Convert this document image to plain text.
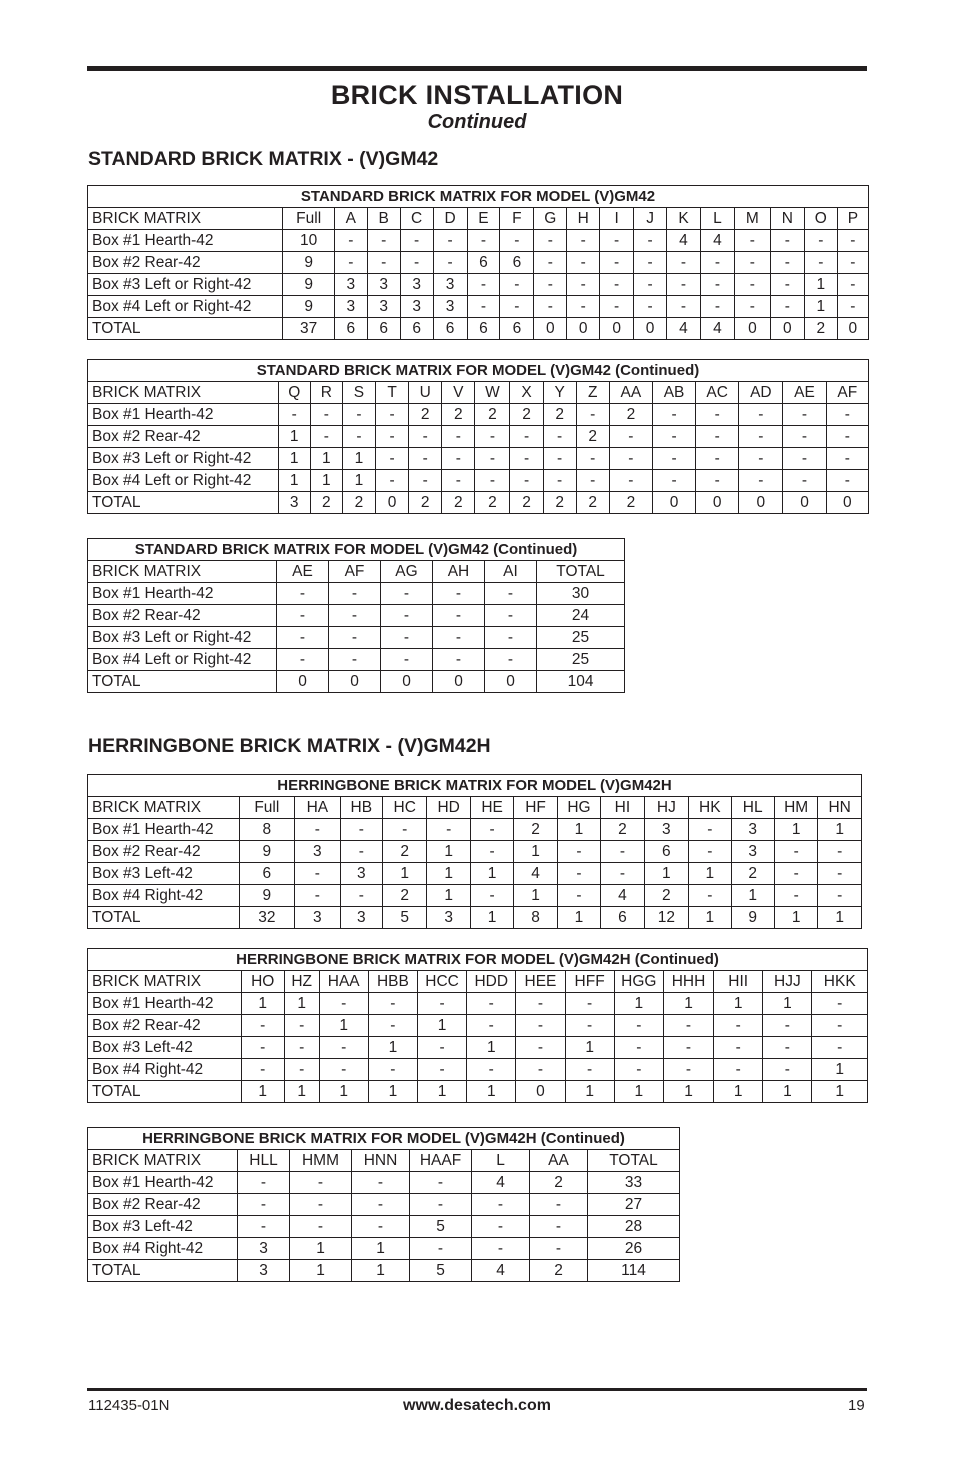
BRICK INSTALLATION
Continued
STANDARD BRICK MATRIX - (V)GM42
STANDARD BRICK MATRIX FOR MODEL (V)GM42																	
BRICK MATRIX	Full	A	B	C	D	E	F	G	H	I	J	K	L	M	N	O	P
Box #1 Hearth-42	10	-	-	-	-	-	-	-	-	-	-	4	4	-	-	-	-
Box #2 Rear-42	9	-	-	-	-	6	6	-	-	-	-	-	-	-	-	-	-
Box #3 Left or Right-42	9	3	3	3	3	-	-	-	-	-	-	-	-	-	-	1	-
Box #4 Left or Right-42	9	3	3	3	3	-	-	-	-	-	-	-	-	-	-	1	-
TOTAL	37	6	6	6	6	6	6	0	0	0	0	4	4	0	0	2	0
STANDARD BRICK MATRIX FOR MODEL (V)GM42 (Continued)																
BRICK MATRIX	Q	R	S	T	U	V	W	X	Y	Z	AA	AB	AC	AD	AE	AF
Box #1 Hearth-42	-	-	-	-	2	2	2	2	2	-	2	-	-	-	-	-
Box #2 Rear-42	1	-	-	-	-	-	-	-	-	2	-	-	-	-	-	-
Box #3 Left or Right-42	1	1	1	-	-	-	-	-	-	-	-	-	-	-	-	-
Box #4 Left or Right-42	1	1	1	-	-	-	-	-	-	-	-	-	-	-	-	-
TOTAL	3	2	2	0	2	2	2	2	2	2	2	0	0	0	0	0
STANDARD BRICK MATRIX FOR MODEL (V)GM42 (Continued)						
BRICK MATRIX	AE	AF	AG	AH	AI	TOTAL
Box #1 Hearth-42	-	-	-	-	-	30
Box #2 Rear-42	-	-	-	-	-	24
Box #3 Left or Right-42	-	-	-	-	-	25
Box #4 Left or Right-42	-	-	-	-	-	25
TOTAL	0	0	0	0	0	104
HERRINGBONE BRICK MATRIX - (V)GM42H
HERRINGBONE BRICK MATRIX FOR MODEL (V)GM42H														
BRICK MATRIX	Full	HA	HB	HC	HD	HE	HF	HG	HI	HJ	HK	HL	HM	HN
Box #1 Hearth-42	8	-	-	-	-	-	2	1	2	3	-	3	1	1
Box #2 Rear-42	9	3	-	2	1	-	1	-	-	6	-	3	-	-
Box #3 Left-42	6	-	3	1	1	1	4	-	-	1	1	2	-	-
Box #4 Right-42	9	-	-	2	1	-	1	-	4	2	-	1	-	-
TOTAL	32	3	3	5	3	1	8	1	6	12	1	9	1	1
HERRINGBONE BRICK MATRIX FOR MODEL (V)GM42H (Continued)													
BRICK MATRIX	HO	HZ	HAA	HBB	HCC	HDD	HEE	HFF	HGG	HHH	HII	HJJ	HKK
Box #1 Hearth-42	1	1	-	-	-	-	-	-	1	1	1	1	-
Box #2 Rear-42	-	-	1	-	1	-	-	-	-	-	-	-	-
Box #3 Left-42	-	-	-	1	-	1	-	1	-	-	-	-	-
Box #4 Right-42	-	-	-	-	-	-	-	-	-	-	-	-	1
TOTAL	1	1	1	1	1	1	0	1	1	1	1	1	1
HERRINGBONE BRICK MATRIX FOR MODEL (V)GM42H (Continued)							
BRICK MATRIX	HLL	HMM	HNN	HAAF	L	AA	TOTAL
Box #1 Hearth-42	-	-	-	-	4	2	33
Box #2 Rear-42	-	-	-	-	-	-	27
Box #3 Left-42	-	-	-	5	-	-	28
Box #4 Right-42	3	1	1	-	-	-	26
TOTAL	3	1	1	5	4	2	114
112435-01N	www.desatech.com	19
